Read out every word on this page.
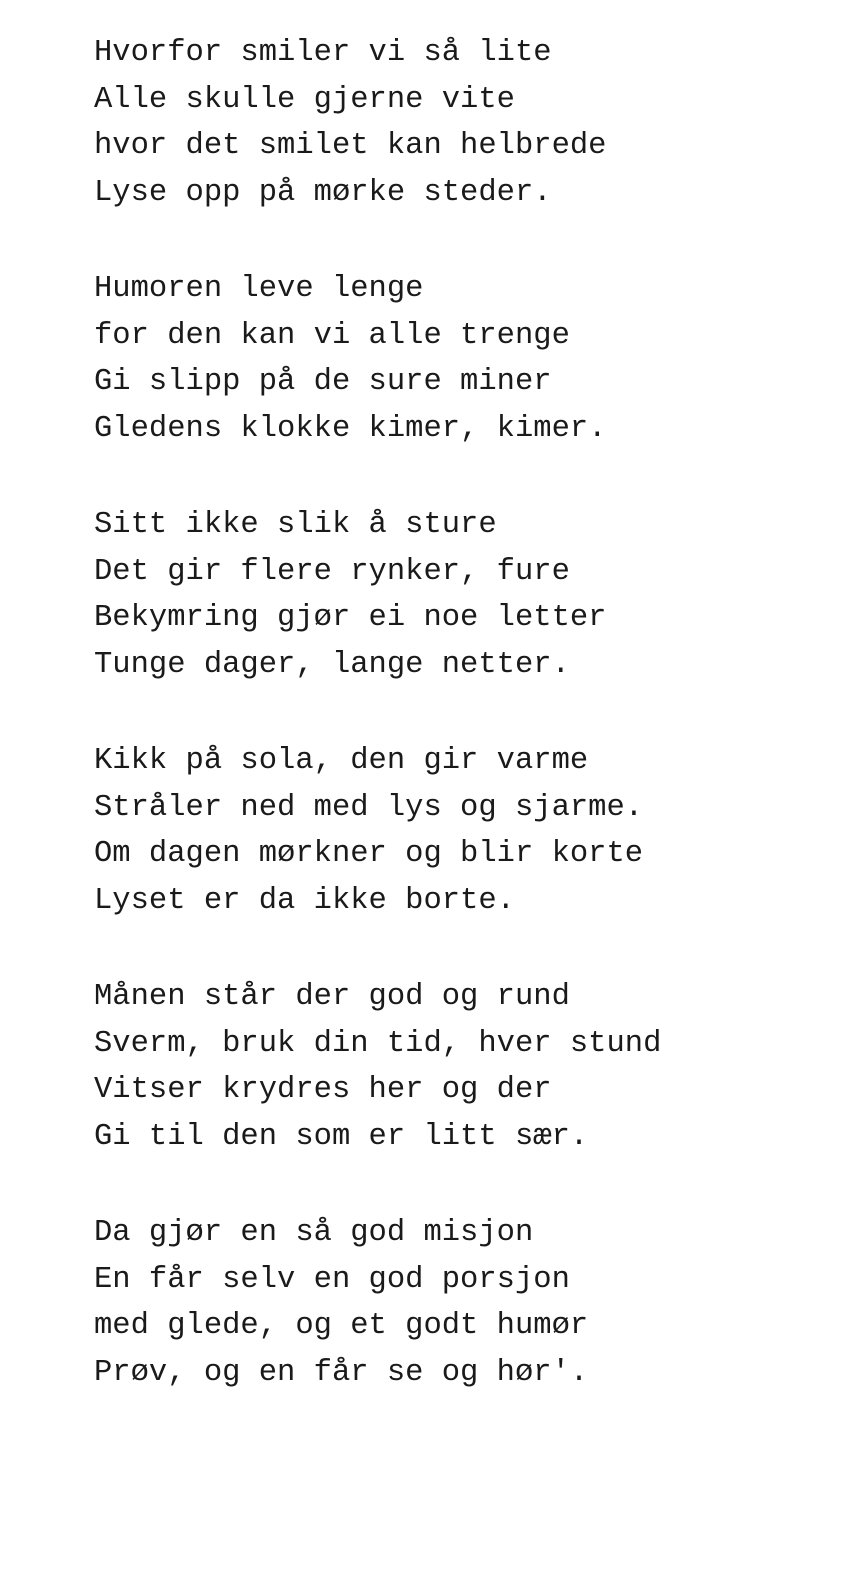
Hvorfor smiler vi så lite
Alle skulle gjerne vite
hvor det smilet kan helbrede
Lyse opp på mørke steder.
Humoren leve lenge
for den kan vi alle trenge
Gi slipp på de sure miner
Gledens klokke kimer, kimer.
Sitt ikke slik å sture
Det gir flere rynker, fure
Bekymring gjør ei noe letter
Tunge dager, lange netter.
Kikk på sola, den gir varme
Stråler ned med lys og sjarme.
Om dagen mørkner og blir korte
Lyset er da ikke borte.
Månen står der god og rund
Sverm, bruk din tid, hver stund
Vitser krydres her og der
Gi til den som er litt sær.
Da gjør en så god misjon
En får selv en god porsjon
med glede, og et godt humør
Prøv, og en får se og hør'.
